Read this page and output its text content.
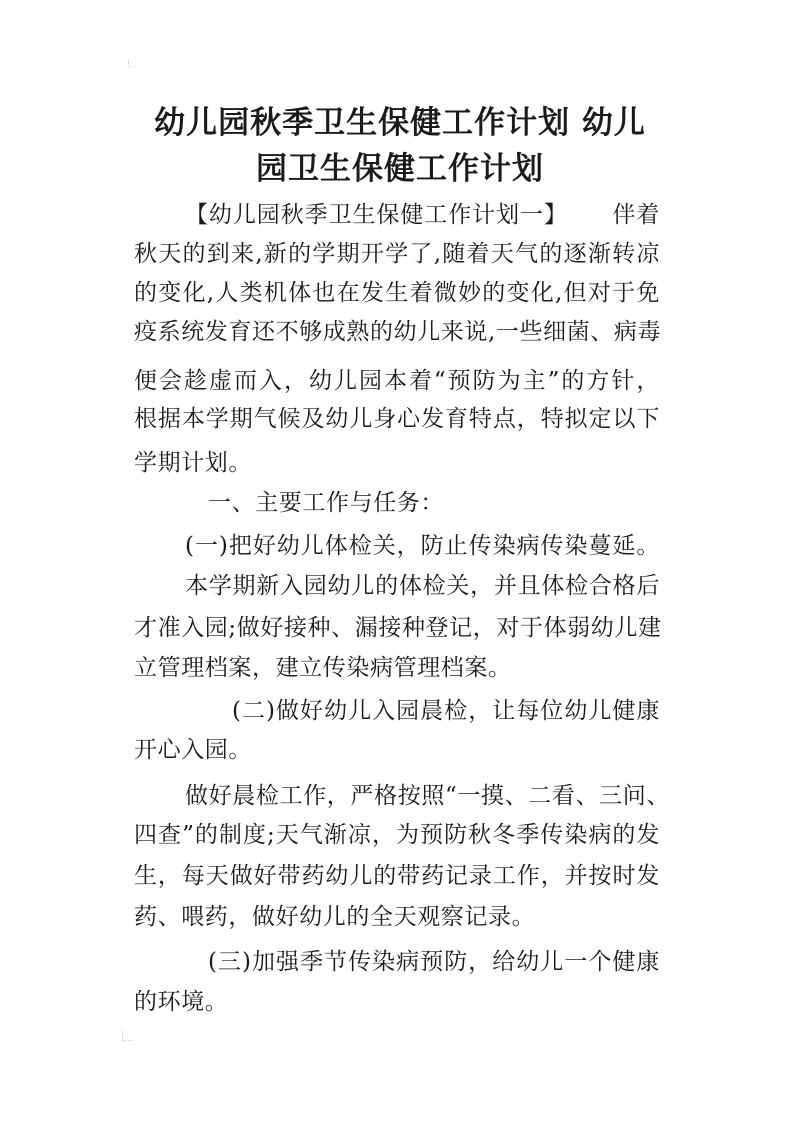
幼儿园秋季卫生保健工作计划 幼儿
园卫生保健工作计划
【幼儿园秋季卫生保健工作计划一】　　 伴着
秋天的到来,新的学期开学了,随着天气的逐渐转凉
的变化,人类机体也在发生着微妙的变化,但对于免
疫系统发育还不够成熟的幼儿来说,一些细菌、病毒
便会趁虚而入，幼儿园本着“预防为主”的方针，
根据本学期气候及幼儿身心发育特点，特拟定以下
学期计划。
一、主要工作与任务：
(一)把好幼儿体检关，防止传染病传染蔓延。
本学期新入园幼儿的体检关，并且体检合格后
才准入园;做好接种、漏接种登记，对于体弱幼儿建
立管理档案，建立传染病管理档案。
(二)做好幼儿入园晨检，让每位幼儿健康
开心入园。
做好晨检工作，严格按照“一摸、二看、三问、
四查”的制度;天气渐凉，为预防秋冬季传染病的发
生，每天做好带药幼儿的带药记录工作，并按时发
药、喂药，做好幼儿的全天观察记录。
(三)加强季节传染病预防，给幼儿一个健康
的环境。
